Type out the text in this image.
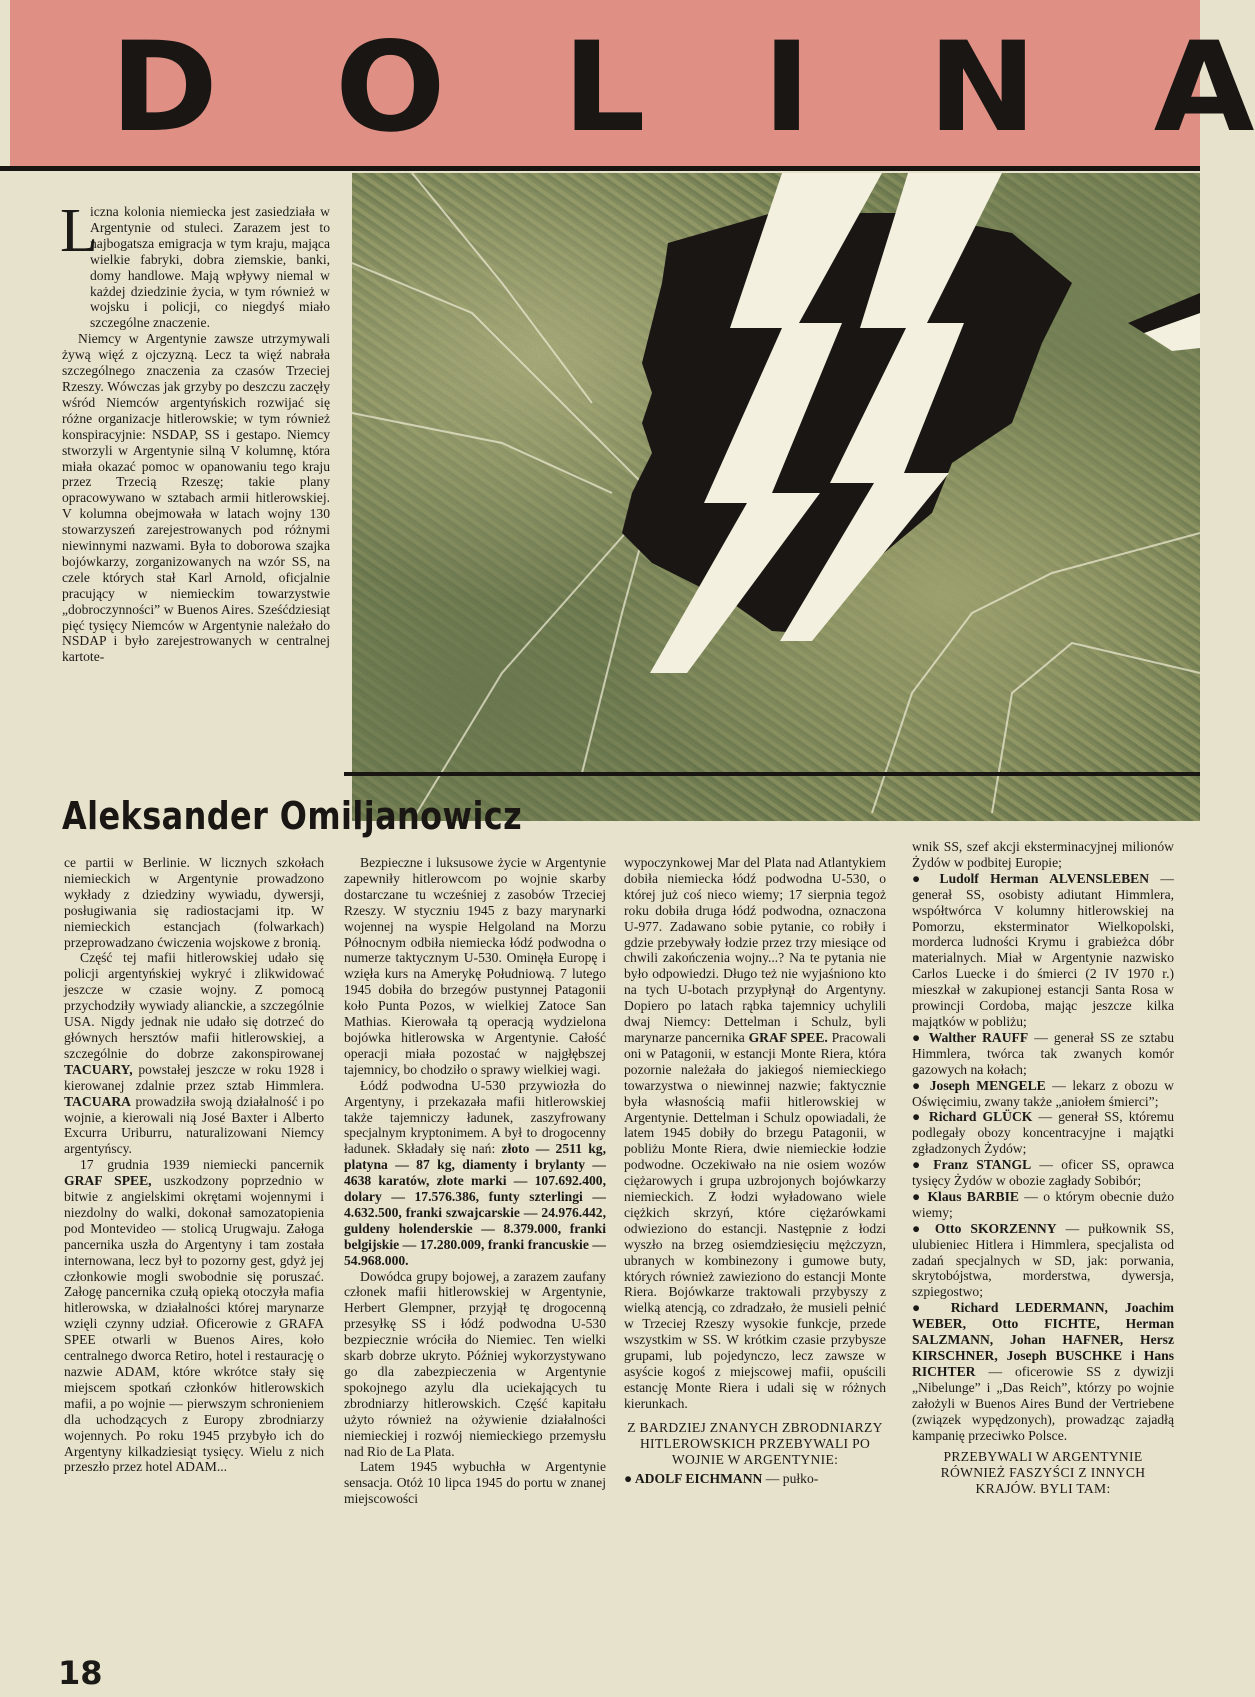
D O L I N A
Aleksander Omiljanowicz
L

iczna kolonia niemiecka jest zasiedziała w Argentynie od stuleci. Zarazem jest to najbogatsza emigracja w tym kraju, mająca wielkie fabryki, dobra ziemskie, banki, domy handlowe. Mają wpływy niemal w każdej dziedzinie życia, w tym również w wojsku i policji, co niegdyś miało szczególne znaczenie.

Niemcy w Argentynie zawsze utrzymywali żywą więź z ojczyzną. Lecz ta więź nabrała szczególnego znaczenia za czasów Trzeciej Rzeszy. Wówczas jak grzyby po deszczu zaczęły wśród Niemców argentyńskich rozwijać się różne organizacje hitlerowskie; w tym również konspiracyjnie: NSDAP, SS i gestapo. Niemcy stworzyli w Argentynie silną V kolumnę, która miała okazać pomoc w opanowaniu tego kraju przez Trzecią Rzeszę; takie plany opracowywano w sztabach armii hitlerowskiej. V kolumna obejmowała w latach wojny 130 stowarzyszeń zarejestrowanych pod różnymi niewinnymi nazwami. Była to doborowa szajka bojówkarzy, zorganizowanych na wzór SS, na czele których stał Karl Arnold, oficjalnie pracujący w niemieckim towarzystwie „dobroczynności” w Buenos Aires. Sześćdziesiąt pięć tysięcy Niemców w Argentynie należało do NSDAP i było zarejestrowanych w centralnej kartote-

ce partii w Berlinie. W licznych szkołach niemieckich w Argentynie prowadzono wykłady z dziedziny wywiadu, dywersji, posługiwania się radiostacjami itp. W niemieckich estancjach (folwarkach) przeprowadzano ćwiczenia wojskowe z bronią.

Część tej mafii hitlerowskiej udało się policji argentyńskiej wykryć i zlikwidować jeszcze w czasie wojny. Z pomocą przychodziły wywiady alianckie, a szczególnie USA. Nigdy jednak nie udało się dotrzeć do głównych hersztów mafii hitlerowskiej, a szczególnie do dobrze zakonspirowanej TACUARY, powstałej jeszcze w roku 1928 i kierowanej zdalnie przez sztab Himmlera. TACUARA prowadziła swoją działalność i po wojnie, a kierowali nią José Baxter i Alberto Excurra Uriburru, naturalizowani Niemcy argentyńscy.

17 grudnia 1939 niemiecki pancernik GRAF SPEE, uszkodzony poprzednio w bitwie z angielskimi okrętami wojennymi i niezdolny do walki, dokonał samozatopienia pod Montevideo — stolicą Urugwaju. Załoga pancernika uszła do Argentyny i tam została internowana, lecz był to pozorny gest, gdyż jej członkowie mogli swobodnie się poruszać. Załogę pancernika czułą opieką otoczyła mafia hitlerowska, w działalności której marynarze wzięli czynny udział. Oficerowie z GRAFA SPEE otwarli w Buenos Aires, koło centralnego dworca Retiro, hotel i restaurację o nazwie ADAM, które wkrótce stały się miejscem spotkań członków hitlerowskich mafii, a po wojnie — pierwszym schronieniem dla uchodzących z Europy zbrodniarzy wojennych. Po roku 1945 przybyło ich do Argentyny kilkadziesiąt tysięcy. Wielu z nich przeszło przez hotel ADAM...

Bezpieczne i luksusowe życie w Argentynie zapewniły hitlerowcom po wojnie skarby dostarczane tu wcześniej z zasobów Trzeciej Rzeszy. W styczniu 1945 z bazy marynarki wojennej na wyspie Helgoland na Morzu Północnym odbiła niemiecka łódź podwodna o numerze taktycznym U-530. Ominęła Europę i wzięła kurs na Amerykę Południową. 7 lutego 1945 dobiła do brzegów pustynnej Patagonii koło Punta Pozos, w wielkiej Zatoce San Mathias. Kierowała tą operacją wydzielona bojówka hitlerowska w Argentynie. Całość operacji miała pozostać w najgłębszej tajemnicy, bo chodziło o sprawy wielkiej wagi.

Łódź podwodna U-530 przywiozła do Argentyny, i przekazała mafii hitlerowskiej także tajemniczy ładunek, zaszyfrowany specjalnym kryptonimem. A był to drogocenny ładunek. Składały się nań: złoto — 2511 kg, platyna — 87 kg, diamenty i brylanty — 4638 karatów, złote marki — 107.692.400, dolary — 17.576.386, funty szterlingi — 4.632.500, franki szwajcarskie — 24.976.442, guldeny holenderskie — 8.379.000, franki belgijskie — 17.280.009, franki francuskie — 54.968.000.

Dowódca grupy bojowej, a zarazem zaufany członek mafii hitlerowskiej w Argentynie, Herbert Glempner, przyjął tę drogocenną przesyłkę SS i łódź podwodna U-530 bezpiecznie wróciła do Niemiec. Ten wielki skarb dobrze ukryto. Później wykorzystywano go dla zabezpieczenia w Argentynie spokojnego azylu dla uciekających tu zbrodniarzy hitlerowskich. Część kapitału użyto również na ożywienie działalności niemieckiej i rozwój niemieckiego przemysłu nad Rio de La Plata.

Latem 1945 wybuchła w Argentynie sensacja. Otóż 10 lipca 1945 do portu w znanej miejscowości

wypoczynkowej Mar del Plata nad Atlantykiem dobiła niemiecka łódź podwodna U-530, o której już coś nieco wiemy; 17 sierpnia tegoż roku dobiła druga łódź podwodna, oznaczona U-977. Zadawano sobie pytanie, co robiły i gdzie przebywały łodzie przez trzy miesiące od chwili zakończenia wojny...? Na te pytania nie było odpowiedzi. Długo też nie wyjaśniono kto na tych U-botach przypłynął do Argentyny. Dopiero po latach rąbka tajemnicy uchylili dwaj Niemcy: Dettelman i Schulz, byli marynarze pancernika GRAF SPEE. Pracowali oni w Patagonii, w estancji Monte Riera, która pozornie należała do jakiegoś niemieckiego towarzystwa o niewinnej nazwie; faktycznie była własnością mafii hitlerowskiej w Argentynie. Dettelman i Schulz opowiadali, że latem 1945 dobiły do brzegu Patagonii, w pobliżu Monte Riera, dwie niemieckie łodzie podwodne. Oczekiwało na nie osiem wozów ciężarowych i grupa uzbrojonych bojówkarzy niemieckich. Z łodzi wyładowano wiele ciężkich skrzyń, które ciężarówkami odwieziono do estancji. Następnie z łodzi wyszło na brzeg osiemdziesięciu mężczyzn, ubranych w kombinezony i gumowe buty, których również zawieziono do estancji Monte Riera. Bojówkarze traktowali przybyszy z wielką atencją, co zdradzało, że musieli pełnić w Trzeciej Rzeszy wysokie funkcje, przede wszystkim w SS. W krótkim czasie przybysze grupami, lub pojedynczo, lecz zawsze w asyście kogoś z miejscowej mafii, opuścili estancję Monte Riera i udali się w różnych kierunkach.

Z BARDZIEJ ZNANYCH ZBRODNIARZY HITLEROWSKICH PRZEBYWALI PO WOJNIE W ARGENTYNIE:

● ADOLF EICHMANN — pułko-

wnik SS, szef akcji eksterminacyjnej milionów Żydów w podbitej Europie;

● Ludolf Herman ALVENSLEBEN — generał SS, osobisty adiutant Himmlera, współtwórca V kolumny hitlerowskiej na Pomorzu, eksterminator Wielkopolski, morderca ludności Krymu i grabieżca dóbr materialnych. Miał w Argentynie nazwisko Carlos Luecke i do śmierci (2 IV 1970 r.) mieszkał w zakupionej estancji Santa Rosa w prowincji Cordoba, mając jeszcze kilka majątków w pobliżu;

● Walther RAUFF — generał SS ze sztabu Himmlera, twórca tak zwanych komór gazowych na kołach;

● Joseph MENGELE — lekarz z obozu w Oświęcimiu, zwany także „aniołem śmierci”;

● Richard GLÜCK — generał SS, któremu podlegały obozy koncentracyjne i majątki zgładzonych Żydów;

● Franz STANGL — oficer SS, oprawca tysięcy Żydów w obozie zagłady Sobibór;

● Klaus BARBIE — o którym obecnie dużo wiemy;

● Otto SKORZENNY — pułkownik SS, ulubieniec Hitlera i Himmlera, specjalista od zadań specjalnych w SD, jak: porwania, skrytobójstwa, morderstwa, dywersja, szpiegostwo;

● Richard LEDERMANN, Joachim WEBER, Otto FICHTE, Herman SALZMANN, Johan HAFNER, Hersz KIRSCHNER, Joseph BUSCHKE i Hans RICHTER — oficerowie SS z dywizji „Nibelunge” i „Das Reich”, którzy po wojnie założyli w Buenos Aires Bund der Vertriebene (związek wypędzonych), prowadząc zajadłą kampanię przeciwko Polsce.

PRZEBYWALI W ARGENTYNIE RÓWNIEŻ FASZYŚCI Z INNYCH KRAJÓW. BYLI TAM:

18
